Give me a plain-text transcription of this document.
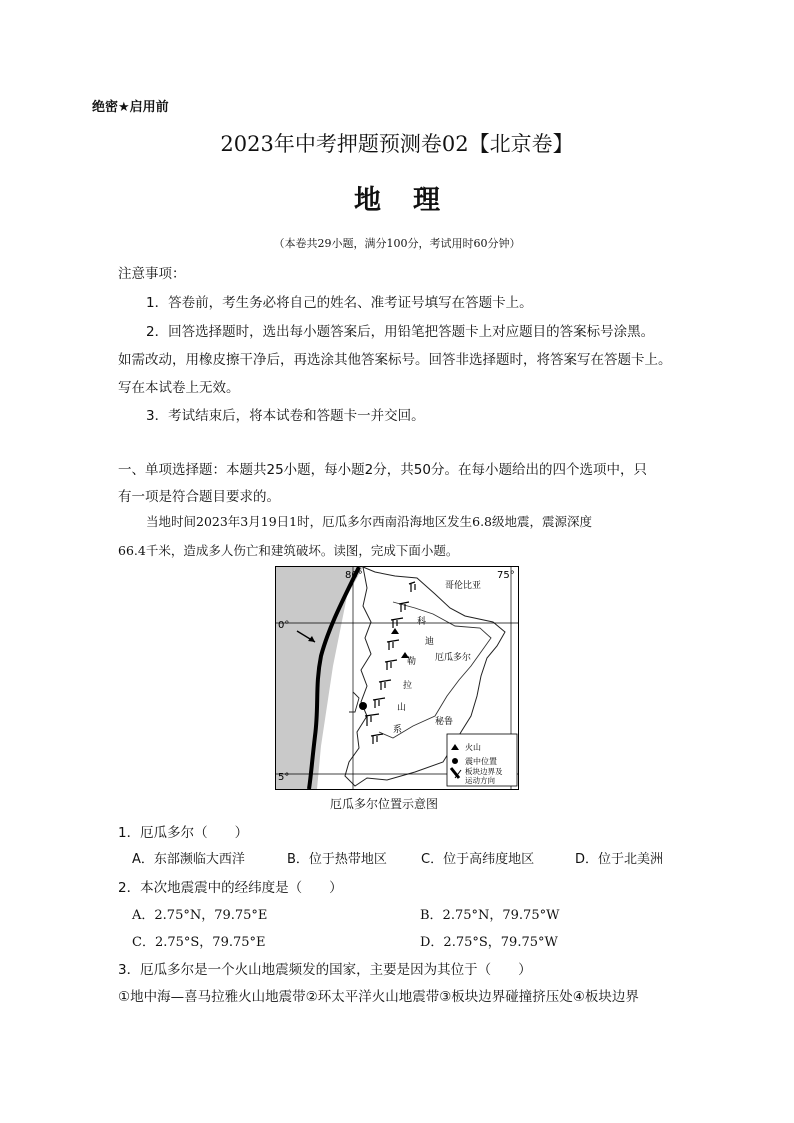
绝密★启用前
2023年中考押题预测卷02【北京卷】
地理
（本卷共29小题，满分100分，考试用时60分钟）
注意事项：
1．答卷前，考生务必将自己的姓名、准考证号填写在答题卡上。
2．回答选择题时，选出每小题答案后，用铅笔把答题卡上对应题目的答案标号涂黑。
如需改动，用橡皮擦干净后，再选涂其他答案标号。回答非选择题时，将答案写在答题卡上。
写在本试卷上无效。
3．考试结束后，将本试卷和答题卡一并交回。
一、单项选择题：本题共25小题，每小题2分，共50分。在每小题给出的四个选项中，只
有一项是符合题目要求的。
当地时间2023年3月19日1时，厄瓜多尔西南沿海地区发生6.8级地震，震源深度
66.4千米，造成多人伤亡和建筑破坏。读图，完成下面小题。
80°	75°
0°
5°
哥伦比亚
厄瓜多尔
秘鲁
科
迪
勒
拉
山
系
火山
震中位置
板块边界及
运动方向
厄瓜多尔位置示意图
1．厄瓜多尔（　　）
A．东部濒临大西洋	B．位于热带地区	C．位于高纬度地区	D．位于北美洲
2．本次地震震中的经纬度是（　　）
A．2.75°N，79.75°E	B．2.75°N，79.75°W
C．2.75°S，79.75°E	D．2.75°S，79.75°W
3．厄瓜多尔是一个火山地震频发的国家，主要是因为其位于（　　）
①地中海—喜马拉雅火山地震带②环太平洋火山地震带③板块边界碰撞挤压处④板块边界
